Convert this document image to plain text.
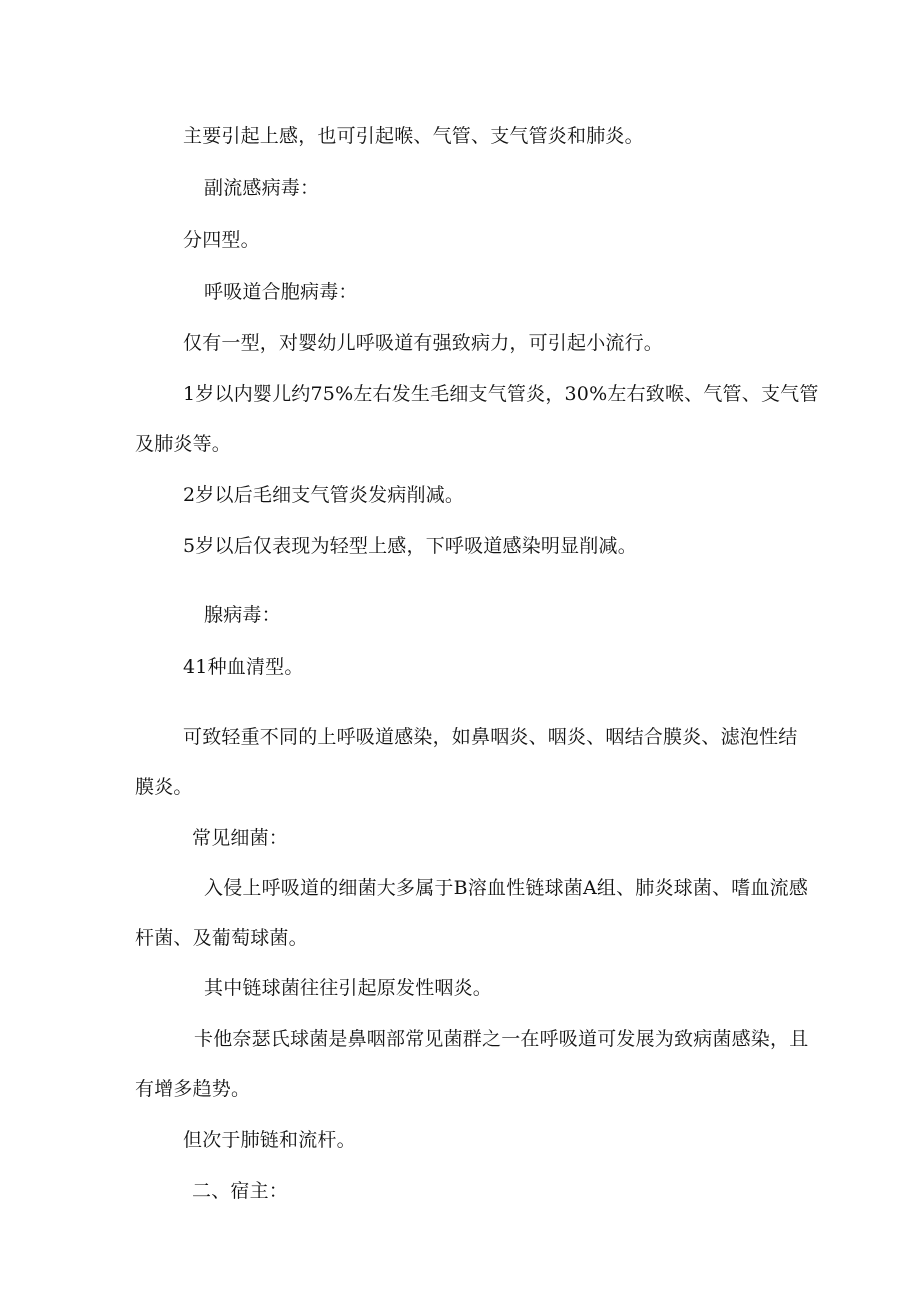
主要引起上感，也可引起喉、气管、支气管炎和肺炎。

副流感病毒：

分四型。

呼吸道合胞病毒：

仅有一型，对婴幼儿呼吸道有强致病力，可引起小流行。

1岁以内婴儿约75%左右发生毛细支气管炎，30%左右致喉、气管、支气管

及肺炎等。

2岁以后毛细支气管炎发病削减。

5岁以后仅表现为轻型上感，下呼吸道感染明显削减。

腺病毒：

41种血清型。

可致轻重不同的上呼吸道感染，如鼻咽炎、咽炎、咽结合膜炎、滤泡性结

膜炎。

常见细菌：

入侵上呼吸道的细菌大多属于B溶血性链球菌A组、肺炎球菌、嗜血流感

杆菌、及葡萄球菌。

其中链球菌往往引起原发性咽炎。

卡他奈瑟氏球菌是鼻咽部常见菌群之一在呼吸道可发展为致病菌感染，且

有增多趋势。

但次于肺链和流杆。

二、宿主：
